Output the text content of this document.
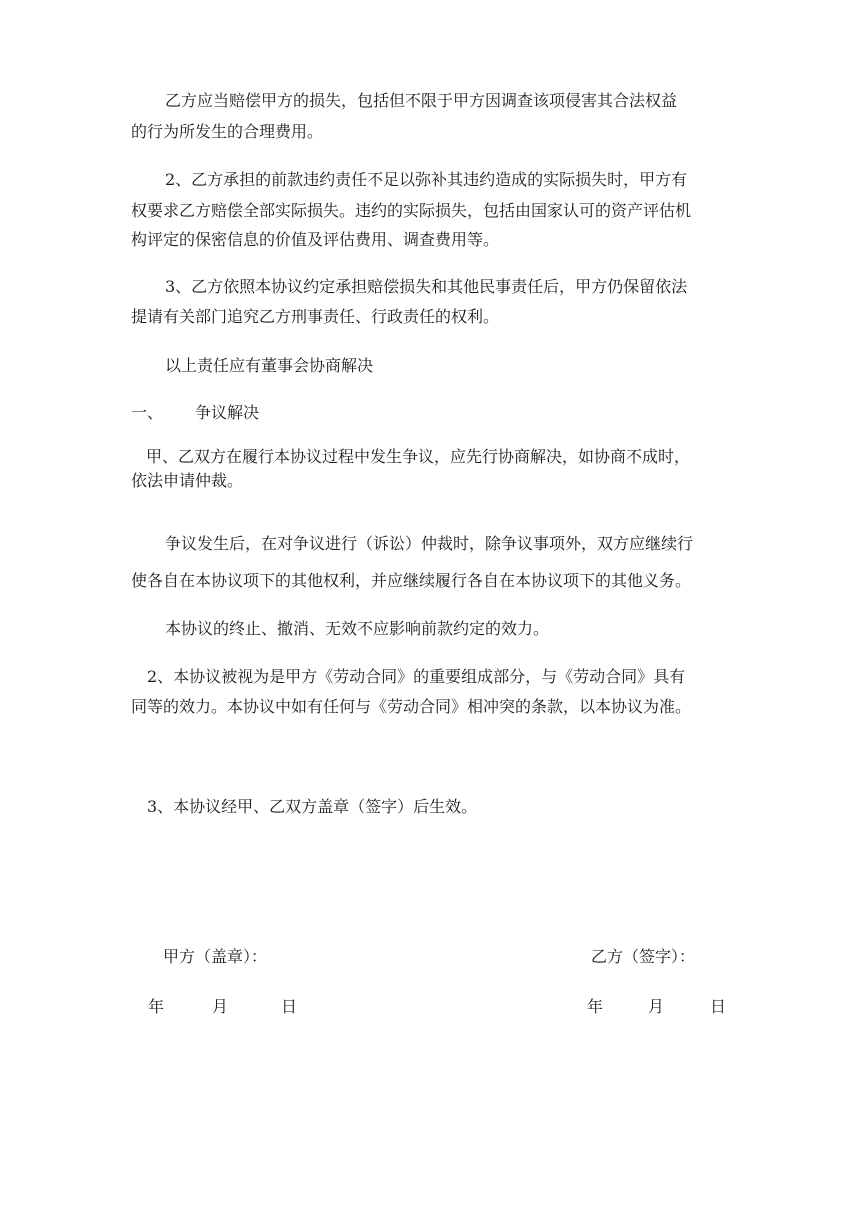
乙方应当赔偿甲方的损失，包括但不限于甲方因调查该项侵害其合法权益
的行为所发生的合理费用。
2、乙方承担的前款违约责任不足以弥补其违约造成的实际损失时，甲方有
权要求乙方赔偿全部实际损失。违约的实际损失，包括由国家认可的资产评估机
构评定的保密信息的价值及评估费用、调查费用等。
3、乙方依照本协议约定承担赔偿损失和其他民事责任后，甲方仍保留依法
提请有关部门追究乙方刑事责任、行政责任的权利。
以上责任应有董事会协商解决
一、 争议解决
甲、乙双方在履行本协议过程中发生争议，应先行协商解决，如协商不成时，
依法申请仲裁。
争议发生后，在对争议进行（诉讼）仲裁时，除争议事项外，双方应继续行
使各自在本协议项下的其他权利，并应继续履行各自在本协议项下的其他义务。
本协议的终止、撤消、无效不应影响前款约定的效力。
2、本协议被视为是甲方《劳动合同》的重要组成部分，与《劳动合同》具有
同等的效力。本协议中如有任何与《劳动合同》相冲突的条款，以本协议为准。
3、本协议经甲、乙双方盖章（签字）后生效。
甲方（盖章）：
年	月	日
乙方（签字）：
年	月	日
